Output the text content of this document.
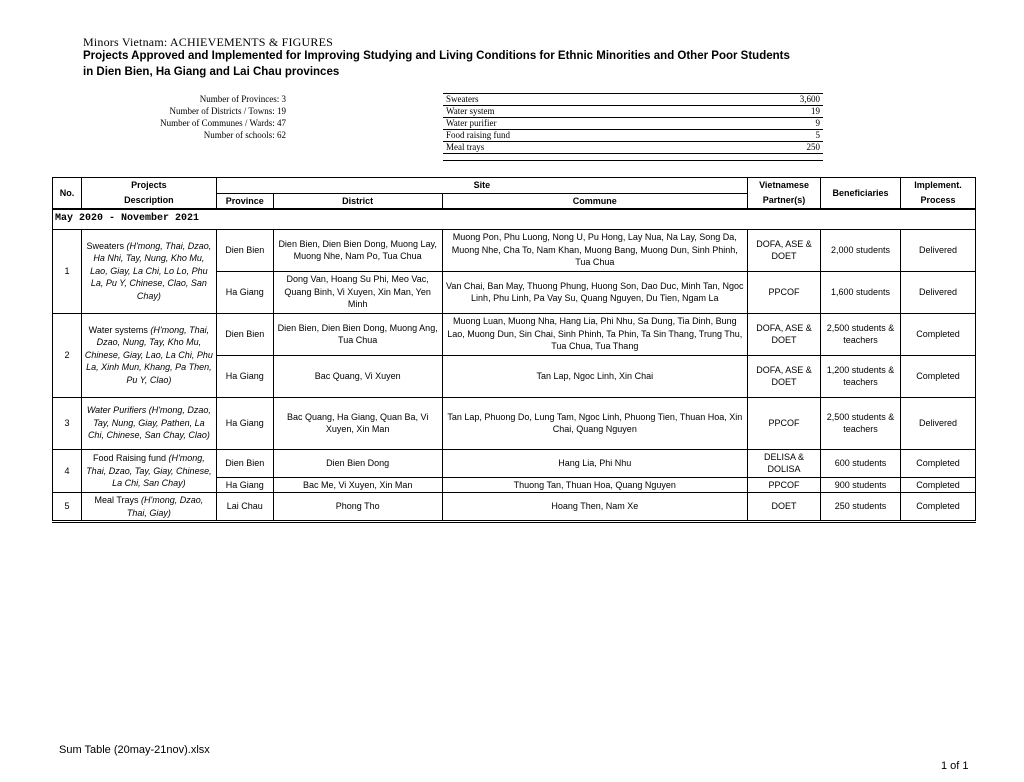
Minors Vietnam: ACHIEVEMENTS & FIGURES
Projects Approved and Implemented for Improving Studying and Living Conditions for Ethnic Minorities and Other Poor Students
in Dien Bien, Ha Giang and Lai Chau provinces
Number of Provinces: 3
Number of Districts / Towns: 19
Number of Communes / Wards: 47
Number of schools: 62
Sweaters	3,600
Water system	19
Water purifier	9
Food raising fund	5
Meal trays	250

No.	Projects	Site			Vietnamese	Beneficiaries	Implement.
	Description	Province	District	Commune	Partner(s)		Process
May 2020 - November 2021							
1	Sweaters (H'mong, Thai, Dzao, Ha Nhi, Tay, Nung, Kho Mu, Lao, Giay, La Chi, Lo Lo, Phu La, Pu Y, Chinese, Clao, San Chay)	Dien Bien	Dien Bien, Dien Bien Dong, Muong Lay, Muong Nhe, Nam Po, Tua Chua	Muong Pon, Phu Luong, Nong U, Pu Hong, Lay Nua, Na Lay, Song Da, Muong Nhe, Cha To, Nam Khan, Muong Bang, Muong Dun, Sinh Phinh, Tua Chua	DOFA, ASE & DOET	2,000 students	Delivered
		Ha Giang	Dong Van, Hoang Su Phi, Meo Vac, Quang Binh, Vi Xuyen, Xin Man, Yen Minh	Van Chai, Ban May, Thuong Phung, Huong Son, Dao Duc, Minh Tan, Ngoc Linh, Phu Linh, Pa Vay Su, Quang Nguyen, Du Tien, Ngam La	PPCOF	1,600 students	Delivered
2	Water systems (H'mong, Thai, Dzao, Nung, Tay, Kho Mu, Chinese, Giay, Lao, La Chi, Phu La, Xinh Mun, Khang, Pa Then, Pu Y, Clao)	Dien Bien	Dien Bien, Dien Bien Dong, Muong Ang, Tua Chua	Muong Luan, Muong Nha, Hang Lia, Phi Nhu, Sa Dung, Tia Dinh, Bung Lao, Muong Dun, Sin Chai, Sinh Phinh, Ta Phin, Ta Sin Thang, Trung Thu, Tua Chua, Tua Thang	DOFA, ASE & DOET	2,500 students & teachers	Completed
		Ha Giang	Bac Quang, Vi Xuyen	Tan Lap, Ngoc Linh, Xin Chai	DOFA, ASE & DOET	1,200 students & teachers	Completed
3	Water Purifiers (H'mong, Dzao, Tay, Nung, Giay, Pathen, La Chi, Chinese, San Chay, Clao)	Ha Giang	Bac Quang, Ha Giang, Quan Ba, Vi Xuyen, Xin Man	Tan Lap, Phuong Do, Lung Tam, Ngoc Linh, Phuong Tien, Thuan Hoa, Xin Chai, Quang Nguyen	PPCOF	2,500 students & teachers	Delivered
4	Food Raising fund (H'mong, Thai, Dzao, Tay, Giay, Chinese, La Chi, San Chay)	Dien Bien	Dien Bien Dong	Hang Lia, Phi Nhu	DELISA & DOLISA	600 students	Completed
		Ha Giang	Bac Me, Vi Xuyen, Xin Man	Thuong Tan, Thuan Hoa, Quang Nguyen	PPCOF	900 students	Completed
5	Meal Trays (H'mong, Dzao, Thai, Giay)	Lai Chau	Phong Tho	Hoang Then, Nam Xe	DOET	250 students	Completed
Sum Table (20may-21nov).xlsx
1 of 1
